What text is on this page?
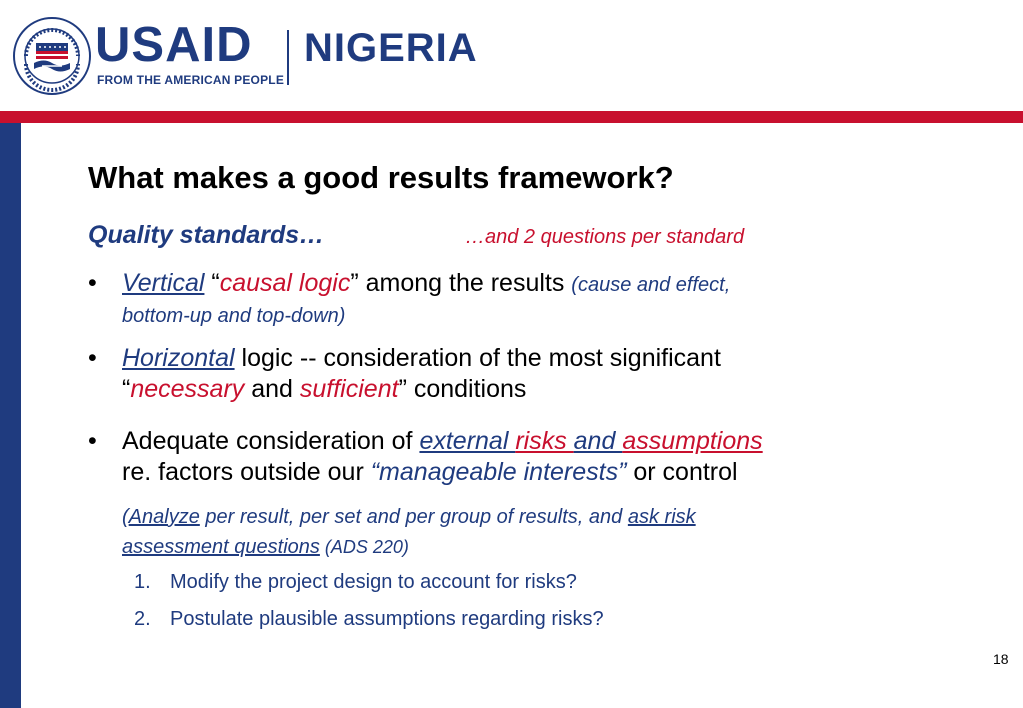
USAID
FROM THE AMERICAN PEOPLE
NIGERIA
What makes a good results framework?
Quality standards…	…and 2 questions per standard
• Vertical “causal logic” among the results (cause and effect,
bottom-up and top-down)
• Horizontal logic -- consideration of the most significant
“necessary and sufficient” conditions
• Adequate consideration of external risks and assumptions
re. factors outside our “manageable interests” or control
(Analyze per result, per set and per group of results, and ask risk
assessment questions (ADS 220)
1. Modify the project design to account for risks?
2. Postulate plausible assumptions regarding risks?
18
